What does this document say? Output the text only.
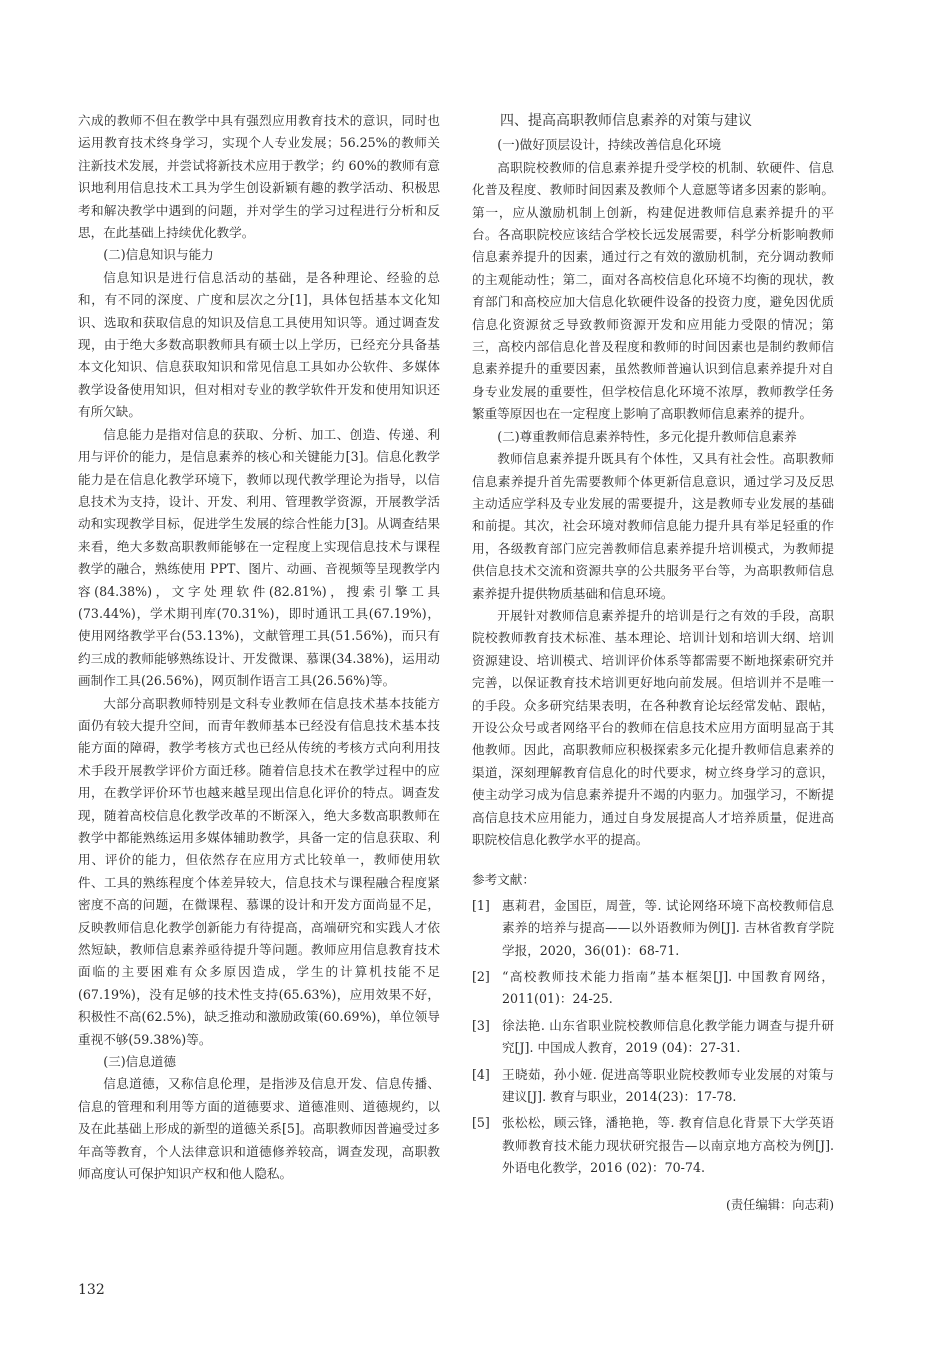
六成的教师不但在教学中具有强烈应用教育技术的意识，同时也运用教育技术终身学习，实现个人专业发展；56.25%的教师关注新技术发展，并尝试将新技术应用于教学；约 60%的教师有意识地利用信息技术工具为学生创设新颖有趣的教学活动、积极思考和解决教学中遇到的问题，并对学生的学习过程进行分析和反思，在此基础上持续优化教学。

(二)信息知识与能力

信息知识是进行信息活动的基础，是各种理论、经验的总和，有不同的深度、广度和层次之分[1]，具体包括基本文化知识、选取和获取信息的知识及信息工具使用知识等。通过调查发现，由于绝大多数高职教师具有硕士以上学历，已经充分具备基本文化知识、信息获取知识和常见信息工具如办公软件、多媒体教学设备使用知识，但对相对专业的教学软件开发和使用知识还有所欠缺。

信息能力是指对信息的获取、分析、加工、创造、传递、利用与评价的能力，是信息素养的核心和关键能力[3]。信息化教学能力是在信息化教学环境下，教师以现代教学理论为指导，以信息技术为支持，设计、开发、利用、管理教学资源，开展教学活动和实现教学目标，促进学生发展的综合性能力[3]。从调查结果来看，绝大多数高职教师能够在一定程度上实现信息技术与课程教学的融合，熟练使用 PPT、图片、动画、音视频等呈现教学内容(84.38%)，文字处理软件(82.81%)，搜索引擎工具(73.44%)，学术期刊库(70.31%)，即时通讯工具(67.19%)，使用网络教学平台(53.13%)，文献管理工具(51.56%)，而只有约三成的教师能够熟练设计、开发微课、慕课(34.38%)，运用动画制作工具(26.56%)，网页制作语言工具(26.56%)等。

大部分高职教师特别是文科专业教师在信息技术基本技能方面仍有较大提升空间，而青年教师基本已经没有信息技术基本技能方面的障碍，教学考核方式也已经从传统的考核方式向利用技术手段开展教学评价方面迁移。随着信息技术在教学过程中的应用，在教学评价环节也越来越呈现出信息化评价的特点。调查发现，随着高校信息化教学改革的不断深入，绝大多数高职教师在教学中都能熟练运用多媒体辅助教学，具备一定的信息获取、利用、评价的能力，但依然存在应用方式比较单一，教师使用软件、工具的熟练程度个体差异较大，信息技术与课程融合程度紧密度不高的问题，在微课程、慕课的设计和开发方面尚显不足，反映教师信息化教学创新能力有待提高，高端研究和实践人才依然短缺，教师信息素养亟待提升等问题。教师应用信息教育技术面临的主要困难有众多原因造成，学生的计算机技能不足(67.19%)，没有足够的技术性支持(65.63%)，应用效果不好，积极性不高(62.5%)，缺乏推动和激励政策(60.69%)，单位领导重视不够(59.38%)等。

(三)信息道德

信息道德，又称信息伦理，是指涉及信息开发、信息传播、信息的管理和利用等方面的道德要求、道德准则、道德规约，以及在此基础上形成的新型的道德关系[5]。高职教师因普遍受过多年高等教育，个人法律意识和道德修养较高，调查发现，高职教师高度认可保护知识产权和他人隐私。

四、提高高职教师信息素养的对策与建议

(一)做好顶层设计，持续改善信息化环境

高职院校教师的信息素养提升受学校的机制、软硬件、信息化普及程度、教师时间因素及教师个人意愿等诸多因素的影响。第一，应从激励机制上创新，构建促进教师信息素养提升的平台。各高职院校应该结合学校长远发展需要，科学分析影响教师信息素养提升的因素，通过行之有效的激励机制，充分调动教师的主观能动性；第二，面对各高校信息化环境不均衡的现状，教育部门和高校应加大信息化软硬件设备的投资力度，避免因优质信息化资源贫乏导致教师资源开发和应用能力受限的情况；第三，高校内部信息化普及程度和教师的时间因素也是制约教师信息素养提升的重要因素，虽然教师普遍认识到信息素养提升对自身专业发展的重要性，但学校信息化环境不浓厚，教师教学任务繁重等原因也在一定程度上影响了高职教师信息素养的提升。

(二)尊重教师信息素养特性，多元化提升教师信息素养

教师信息素养提升既具有个体性，又具有社会性。高职教师信息素养提升首先需要教师个体更新信息意识，通过学习及反思主动适应学科及专业发展的需要提升，这是教师专业发展的基础和前提。其次，社会环境对教师信息能力提升具有举足轻重的作用，各级教育部门应完善教师信息素养提升培训模式，为教师提供信息技术交流和资源共享的公共服务平台等，为高职教师信息素养提升提供物质基础和信息环境。

开展针对教师信息素养提升的培训是行之有效的手段，高职院校教师教育技术标准、基本理论、培训计划和培训大纲、培训资源建设、培训模式、培训评价体系等都需要不断地探索研究并完善，以保证教育技术培训更好地向前发展。但培训并不是唯一的手段。众多研究结果表明，在各种教育论坛经常发帖、跟帖，开设公众号或者网络平台的教师在信息技术应用方面明显高于其他教师。因此，高职教师应积极探索多元化提升教师信息素养的渠道，深刻理解教育信息化的时代要求，树立终身学习的意识，使主动学习成为信息素养提升不竭的内驱力。加强学习，不断提高信息技术应用能力，通过自身发展提高人才培养质量，促进高职院校信息化教学水平的提高。

参考文献：

[1] 惠莉君，金国臣，周萱，等. 试论网络环境下高校教师信息素养的培养与提高——以外语教师为例[J]. 吉林省教育学院学报，2020，36(01)：68-71.
[2] “高校教师技术能力指南”基本框架[J]. 中国教育网络，2011(01)：24-25.
[3] 徐法艳. 山东省职业院校教师信息化教学能力调查与提升研究[J]. 中国成人教育，2019 (04)：27-31.
[4] 王晓茹，孙小娅. 促进高等职业院校教师专业发展的对策与建议[J]. 教育与职业，2014(23)：17-78.
[5] 张松松，顾云锋，潘艳艳，等. 教育信息化背景下大学英语教师教育技术能力现状研究报告—以南京地方高校为例[J]. 外语电化教学，2016 (02)：70-74.

(责任编辑：向志莉)

132
